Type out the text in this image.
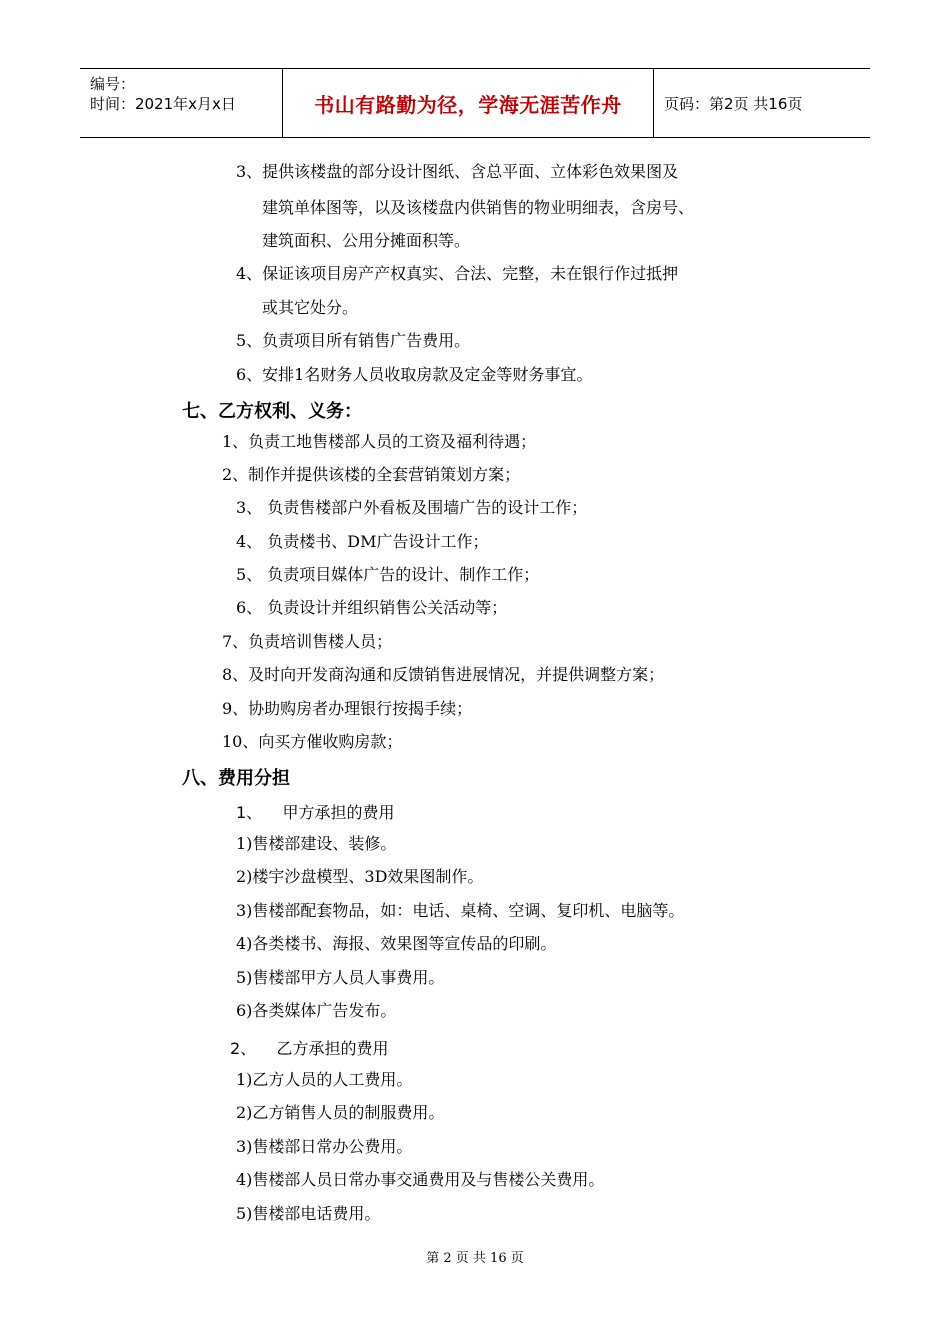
编号：
时间：2021年x月x日	书山有路勤为径，学海无涯苦作舟	页码：第2页 共16页
3、提供该楼盘的部分设计图纸、含总平面、立体彩色效果图及
建筑单体图等，以及该楼盘内供销售的物业明细表，含房号、
建筑面积、公用分摊面积等。
4、保证该项目房产产权真实、合法、完整，未在银行作过抵押
或其它处分。
5、负责项目所有销售广告费用。
6、安排1名财务人员收取房款及定金等财务事宜。
七、乙方权利、义务：
1、负责工地售楼部人员的工资及福利待遇；
2、制作并提供该楼的全套营销策划方案；
3、 负责售楼部户外看板及围墙广告的设计工作；
4、 负责楼书、DM广告设计工作；
5、 负责项目媒体广告的设计、制作工作；
6、 负责设计并组织销售公关活动等；
7、负责培训售楼人员；
8、及时向开发商沟通和反馈销售进展情况，并提供调整方案；
9、协助购房者办理银行按揭手续；
10、向买方催收购房款；
八、费用分担
1、    甲方承担的费用
1)售楼部建设、装修。
2)楼宇沙盘模型、3D效果图制作。
3)售楼部配套物品，如：电话、桌椅、空调、复印机、电脑等。
4)各类楼书、海报、效果图等宣传品的印刷。
5)售楼部甲方人员人事费用。
6)各类媒体广告发布。
2、    乙方承担的费用
1)乙方人员的人工费用。
2)乙方销售人员的制服费用。
3)售楼部日常办公费用。
4)售楼部人员日常办事交通费用及与售楼公关费用。
5)售楼部电话费用。
第 2 页 共 16 页
